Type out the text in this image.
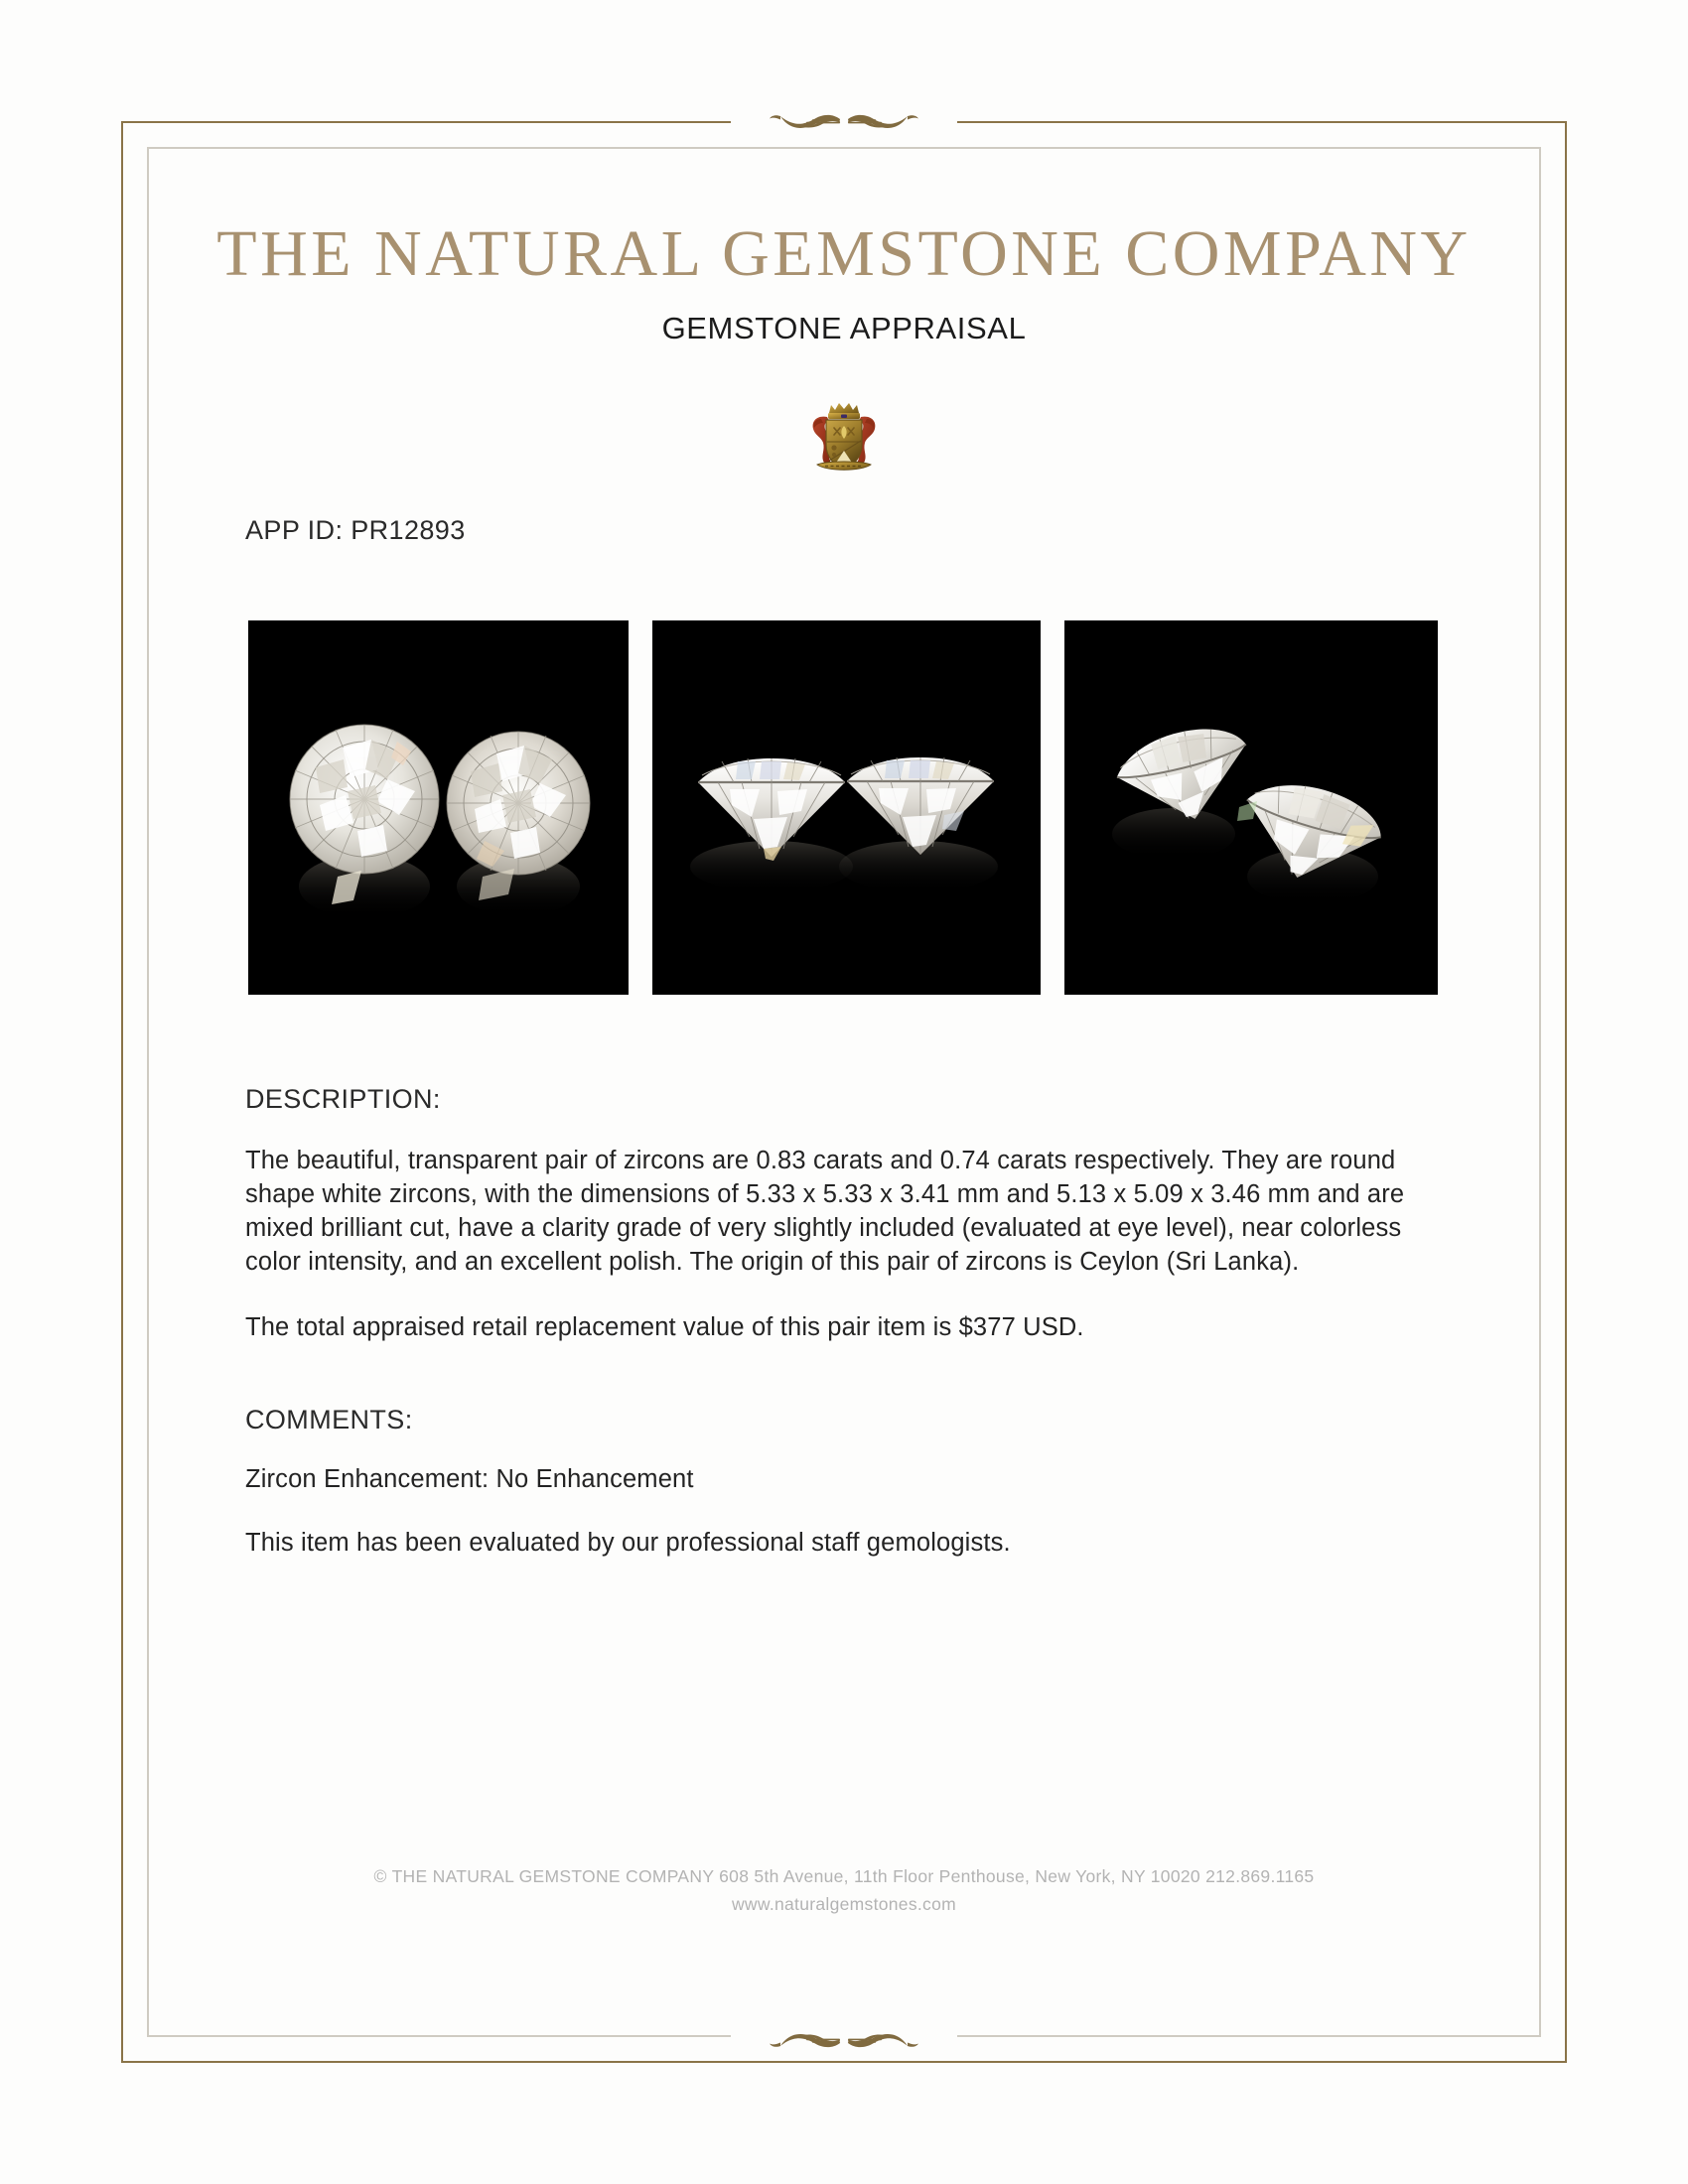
THE NATURAL GEMSTONE COMPANY
GEMSTONE APPRAISAL
APP ID: PR12893
DESCRIPTION:
The beautiful, transparent pair of zircons are 0.83 carats and 0.74 carats respectively. They are round shape white zircons, with the dimensions of 5.33 x 5.33 x 3.41 mm and 5.13 x 5.09 x 3.46 mm and are mixed brilliant cut, have a clarity grade of very slightly included (evaluated at eye level), near colorless color intensity, and an excellent polish. The origin of this pair of zircons is Ceylon (Sri Lanka).
The total appraised retail replacement value of this pair item is $377 USD.
COMMENTS:
Zircon Enhancement: No Enhancement
This item has been evaluated by our professional staff gemologists.
© THE NATURAL GEMSTONE COMPANY 608 5th Avenue, 11th Floor Penthouse, New York, NY 10020 212.869.1165
www.naturalgemstones.com
